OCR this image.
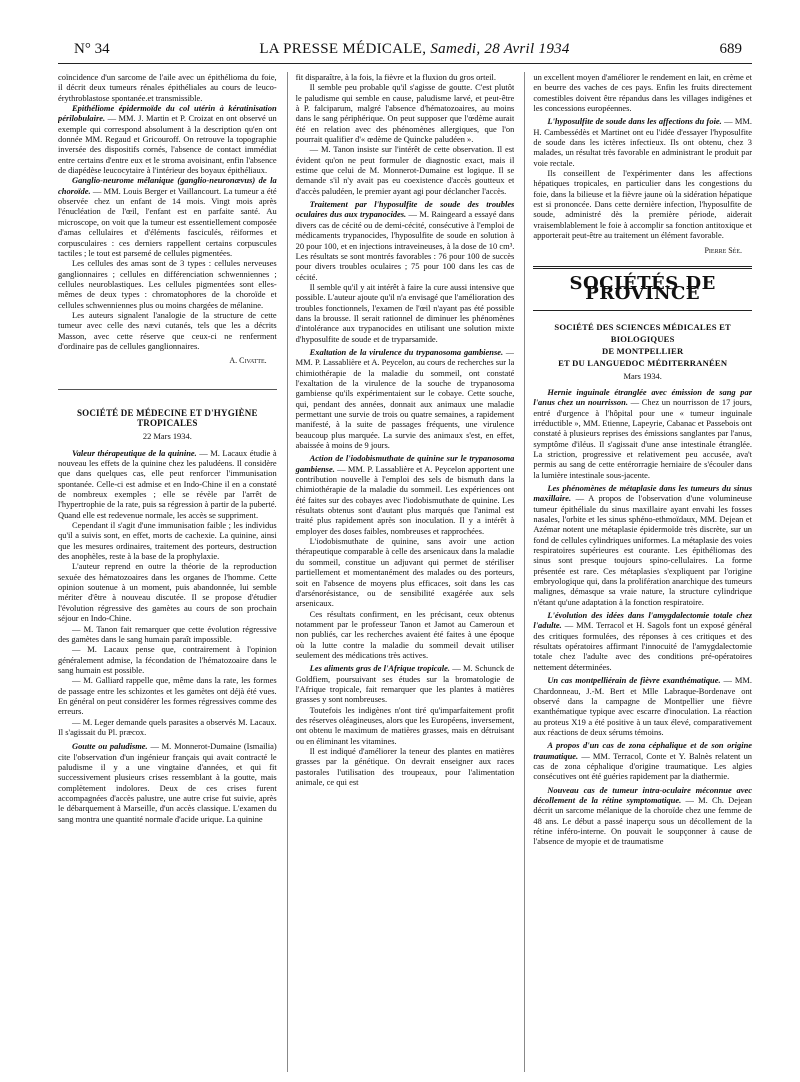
N° 34	LA PRESSE MÉDICALE, Samedi, 28 Avril 1934	689

coïncidence d'un sarcome de l'aile avec un épithélioma du foie, il décrit deux tumeurs rénales épithéliales au cours de leuco-érythroblastose spontanée.et transmissible.

Epithéliome épidermoïde du col utérin à kératinisation périlobulaire. — MM. J. Martin et P. Croizat en ont observé un exemple qui correspond absolument à la description qu'en ont donnée MM. Regaud et Gricouroff. On retrouve la topographie inversée des dispositifs cornés, l'absence de contact immédiat entre certains d'entre eux et le stroma avoisinant, enfin l'absence de diapédèse leucocytaire à l'intérieur des boyaux épithéliaux.

Ganglio-neurome mélanique (ganglio-neuronævus) de la choroïde. — MM. Louis Berger et Vaillancourt. La tumeur a été observée chez un enfant de 14 mois. Vingt mois après l'énucléation de l'œil, l'enfant est en parfaite santé. Au microscope, on voit que la tumeur est essentiellement composée d'amas cellulaires et d'éléments fasciculés, réiformes et corpusculaires : ces derniers rappellent certains corpuscules tactiles ; le tout est parsemé de cellules pigmentées.

Les cellules des amas sont de 3 types : cellules nerveuses ganglionnaires ; cellules en différenciation schwenniennes ; cellules neuroblastiques. Les cellules pigmentées sont elles-mêmes de deux types : chromatophores de la choroïde et cellules schwenniennes plus ou moins chargées de mélanine.

Les auteurs signalent l'analogie de la structure de cette tumeur avec celle des nævi cutanés, tels que les a décrits Masson, avec cette réserve que ceux-ci ne renferment d'ordinaire pas de cellules ganglionnaires.

A. Civatte.
SOCIÉTÉ DE MÉDECINE ET D'HYGIÈNE TROPICALES
22 Mars 1934.

Valeur thérapeutique de la quinine. — M. Lacaux étudie à nouveau les effets de la quinine chez les paludéens. Il considère que dans quelques cas, elle peut renforcer l'immunisation spontanée. Celle-ci est admise et en Indo-Chine il en a constaté de nombreux exemples ; elle se révèle par l'arrêt de l'hypertrophie de la rate, puis sa régression à partir de la puberté. Quand elle est redevenue normale, les accès se suppriment.

Cependant il s'agit d'une immunisation faible ; les individus qu'il a suivis sont, en effet, morts de cachexie. La quinine, ainsi que les mesures ordinaires, traitement des porteurs, destruction des anophèles, reste à la base de la prophylaxie.

L'auteur reprend en outre la théorie de la reproduction sexuée des hématozoaires dans les organes de l'homme. Cette opinion soutenue à un moment, puis abandonnée, lui semble mériter d'être à nouveau discutée. Il se propose d'étudier l'évolution régressive des gamètes au cours de son prochain séjour en Indo-Chine.

— M. Tanon fait remarquer que cette évolution régressive des gamètes dans le sang humain paraît impossible.

— M. Lacaux pense que, contrairement à l'opinion généralement admise, la fécondation de l'hématozoaire dans le sang humain est possible.

— M. Galliard rappelle que, même dans la rate, les formes de passage entre les schizontes et les gamètes ont déjà été vues. En général on peut considérer les formes régressives comme des erreurs.

— M. Leger demande quels parasites a observés M. Lacaux. Il s'agissait du Pl. præcox.

Goutte ou paludisme. — M. Monnerot-Dumaine (Ismailia) cite l'observation d'un ingénieur français qui avait contracté le paludisme il y a une vingtaine d'années, et qui fit successivement plusieurs crises ressemblant à la goutte, mais complètement indolores. Deux de ces crises furent accompagnées d'accès palustre, une autre crise fut suivie, après le débarquement à Marseille, d'un accès classique. L'examen du sang montra une quantité normale d'acide urique. La quinine

fit disparaître, à la fois, la fièvre et la fluxion du gros orteil.

Il semble peu probable qu'il s'agisse de goutte. C'est plutôt le paludisme qui semble en cause, paludisme larvé, et peut-être à P. falciparum, malgré l'absence d'hématozoaires, au moins dans le sang périphérique. On peut supposer que l'œdème aurait été en relation avec des phénomènes allergiques, que l'on pourrait qualifier d'« œdème de Quincke paludéen ».

— M. Tanon insiste sur l'intérêt de cette observation. Il est évident qu'on ne peut formuler de diagnostic exact, mais il estime que celui de M. Monnerot-Dumaine est logique. Il se demande s'il n'y avait pas eu coexistence d'accès goutteux et d'accès paludéen, le premier ayant agi pour déclancher l'accès.

Traitement par l'hyposulfite de soude des troubles oculaires dus aux trypanocides. — M. Raingeard a essayé dans divers cas de cécité ou de demi-cécité, consécutive à l'emploi de médicaments trypanocides, l'hyposulfite de soude en solution à 20 pour 100, et en injections intraveineuses, à la dose de 10 cm³. Les résultats se sont montrés favorables : 76 pour 100 de succès pour divers troubles oculaires ; 75 pour 100 dans les cas de cécité.

Il semble qu'il y ait intérêt à faire la cure aussi intensive que possible. L'auteur ajoute qu'il n'a envisagé que l'amélioration des troubles fonctionnels, l'examen de l'œil n'ayant pas été possible dans la brousse. Il serait rationnel de diminuer les phénomènes d'intolérance aux trypanocides en utilisant une solution mixte d'hyposulfite de soude et de tryparsamide.

Exaltation de la virulence du trypanosoma gambiense. — MM. P. Lassablière et A. Peycelon, au cours de recherches sur la chimiothérapie de la maladie du sommeil, ont constaté l'exaltation de la virulence de la souche de trypanosoma gambiense qu'ils expérimentaient sur le cobaye. Cette souche, qui, pendant des années, donnait aux animaux une maladie permettant une survie de trois ou quatre semaines, a rapidement manifesté, à la suite de passages fréquents, une virulence beaucoup plus marquée. La survie des animaux s'est, en effet, abaissée à moins de 9 jours.

Action de l'iodobismuthate de quinine sur le trypanosoma gambiense. — MM. P. Lassablière et A. Peycelon apportent une contribution nouvelle à l'emploi des sels de bismuth dans la chimiothérapie de la maladie du sommeil. Les expériences ont été faites sur des cobayes avec l'iodobismuthate de quinine. Les résultats obtenus sont d'autant plus marqués que l'animal est traité plus rapidement après son inoculation. Il y a intérêt à employer des doses faibles, nombreuses et rapprochées.

L'iodobismuthate de quinine, sans avoir une action thérapeutique comparable à celle des arsenicaux dans la maladie du sommeil, constitue un adjuvant qui permet de stériliser partiellement et momentanément des malades ou des porteurs, soit en l'absence de moyens plus efficaces, soit dans les cas d'arsénorésistance, ou de sensibilité exagérée aux sels arsenicaux.

Ces résultats confirment, en les précisant, ceux obtenus notamment par le professeur Tanon et Jamot au Cameroun et non publiés, car les recherches avaient été faites à une époque où la lutte contre la maladie du sommeil devait utiliser seulement des médications très actives.

Les aliments gras de l'Afrique tropicale. — M. Schunck de Goldfiem, poursuivant ses études sur la bromatologie de l'Afrique tropicale, fait remarquer que les plantes à matières grasses y sont nombreuses.

Toutefois les indigènes n'ont tiré qu'imparfaitement profit des réserves oléagineuses, alors que les Européens, inversement, ont obtenu le maximum de matières grasses, mais en détruisant ou en éliminant les vitamines.

Il est indiqué d'améliorer la teneur des plantes en matières grasses par la génétique. On devrait enseigner aux races pastorales l'utilisation des troupeaux, pour l'alimentation animale, ce qui est

un excellent moyen d'améliorer le rendement en lait, en crème et en beurre des vaches de ces pays. Enfin les fruits directement comestibles doivent être répandus dans les villages indigènes et les concessions européennes.

L'hyposulfite de soude dans les affections du foie. — MM. H. Cambessédès et Martinet ont eu l'idée d'essayer l'hyposulfite de soude dans les ictères infectieux. Ils ont obtenu, chez 3 malades, un résultat très favorable en administrant le produit par voie rectale.

Ils conseillent de l'expérimenter dans les affections hépatiques tropicales, en particulier dans les congestions du foie, dans la bilieuse et la fièvre jaune où la sidération hépatique est si prononcée. Dans cette dernière infection, l'hyposulfite de soude, administré dès la première période, aiderait vraisemblablement le foie à accomplir sa fonction antitoxique et apporterait peut-être au traitement un élément favorable.

Pierre Sée.
SOCIÉTÉS DE PROVINCE
SOCIÉTÉ DES SCIENCES MÉDICALES ET BIOLOGIQUES
DE MONTPELLIER
ET DU LANGUEDOC MÉDITERRANÉEN
Mars 1934.

Hernie inguinale étranglée avec émission de sang par l'anus chez un nourrisson. — Chez un nourrisson de 17 jours, entré d'urgence à l'hôpital pour une « tumeur inguinale irréductible », MM. Etienne, Lapeyrie, Cabanac et Passebois ont constaté à plusieurs reprises des émissions sanglantes par l'anus, symptôme d'iléus. Il s'agissait d'une anse intestinale étranglée. La striction, progressive et relativement peu accusée, ava't permis au sang de cette entérorragie herniaire de s'écouler dans la lumière intestinale sous-jacente.

Les phénomènes de métaplasie dans les tumeurs du sinus maxillaire. — A propos de l'observation d'une volumineuse tumeur épithéliale du sinus maxillaire ayant envahi les fosses nasales, l'orbite et les sinus sphéno-ethmoïdaux, MM. Dejean et Azémar notent une métaplasie épidermoïde très discrète, sur un fond de cellules cylindriques uniformes. La métaplasie des voies respiratoires supérieures est courante. Les épithéliomas des sinus sont presque toujours spino-cellulaires. La forme présentée est rare. Ces métaplasies s'expliquent par l'origine embryologique qui, dans la prolifération anarchique des tumeurs malignes, démasque sa vraie nature, la structure cylindrique n'étant qu'une adaptation à la fonction respiratoire.

L'évolution des idées dans l'amygdalectomie totale chez l'adulte. — MM. Terracol et H. Sagols font un exposé général des critiques formulées, des réponses à ces critiques et des résultats opératoires affirmant l'innocuité de l'amygdalectomie totale chez l'adulte avec des conditions pré-opératoires nettement déterminées.

Un cas montpelliérain de fièvre exanthématique. — MM. Chardonneau, J.-M. Bert et Mlle Labraque-Bordenave ont observé dans la campagne de Montpellier une fièvre exanthématique typique avec escarre d'inoculation. La réaction au proteus X19 a été positive à un taux élevé, comparativement aux réactions de deux sérums témoins.

A propos d'un cas de zona céphalique et de son origine traumatique. — MM. Terracol, Conte et Y. Balnès relatent un cas de zona céphalique d'origine traumatique. Les algies consécutives ont été guéries rapidement par la diathermie.

Nouveau cas de tumeur intra-oculaire méconnue avec décollement de la rétine symptomatique. — M. Ch. Dejean décrit un sarcome mélanique de la choroïde chez une femme de 48 ans. Le début a passé inaperçu sous un décollement de la rétine inféro-interne. On pouvait le soupçonner à cause de l'absence de myopie et de traumatisme
